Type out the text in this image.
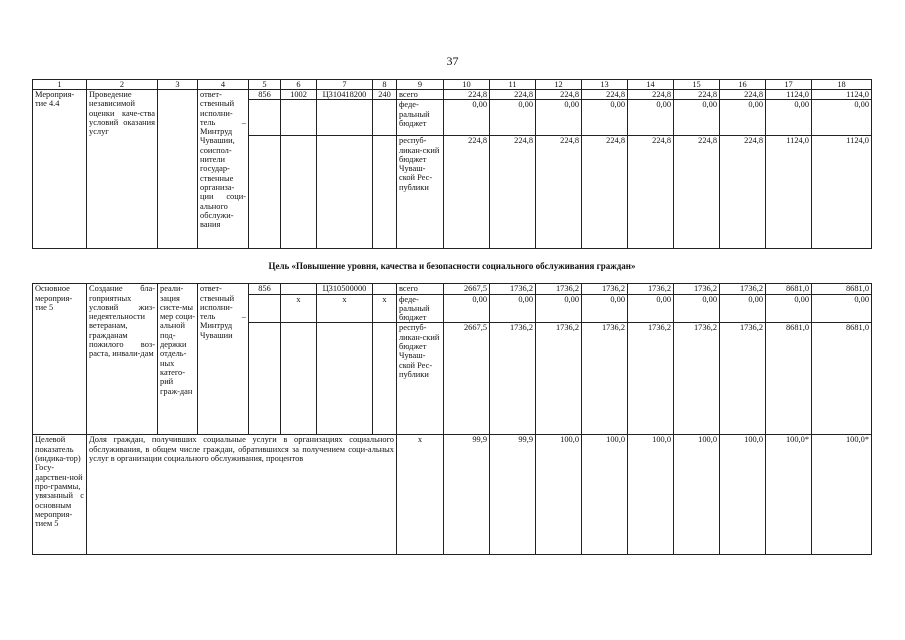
37
1	2	3	4	5	6	7	8	9	10	11	12	13	14	15	16	17	18
Мероприя-тие 4.4	Проведение независимой оценки каче-ства условий оказания услуг		ответ-ственный исполни-тель – Минтруд Чувашии, соиспол-нители государ-ственные организа-ции соци-ального обслужи-вания	856	1002	Ц310418200	240	всего	224,8	224,8	224,8	224,8	224,8	224,8	224,8	1124,0	1124,0
								феде-ральный бюджет	0,00	0,00	0,00	0,00	0,00	0,00	0,00	0,00	0,00
								респуб-ликан-ский бюджет Чуваш-ской Рес-публики	224,8	224,8	224,8	224,8	224,8	224,8	224,8	1124,0	1124,0
Цель «Повышение уровня, качества и безопасности социального обслуживания граждан»																	
Основное мероприя-тие 5	Создание бла-гоприятных условий жиз-недеятельности ветеранам, гражданам пожилого воз-раста, инвали-дам	реали-зация систе-мы мер соци-альной под-держки отдель-ных катего-рий граж-дан	ответ-ственный исполни-тель – Минтруд Чувашии	856		Ц310500000		всего	2667,5	1736,2	1736,2	1736,2	1736,2	1736,2	1736,2	8681,0	8681,0
					x	x	x	феде-ральный бюджет	0,00	0,00	0,00	0,00	0,00	0,00	0,00	0,00	0,00
								респуб-ликан-ский бюджет Чуваш-ской Рес-публики	2667,5	1736,2	1736,2	1736,2	1736,2	1736,2	1736,2	8681,0	8681,0
Целевой показатель (индика-тор) Госу-дарствен-ной про-граммы, увязанный с основным мероприя-тием 5	Доля граждан, получивших социальные услуги в организациях социального обслуживания, в общем числе граждан, обратившихся за получением соци-альных услуг в организации социального обслуживания, процентов							x	99,9	99,9	100,0	100,0	100,0	100,0	100,0	100,0*	100,0*
